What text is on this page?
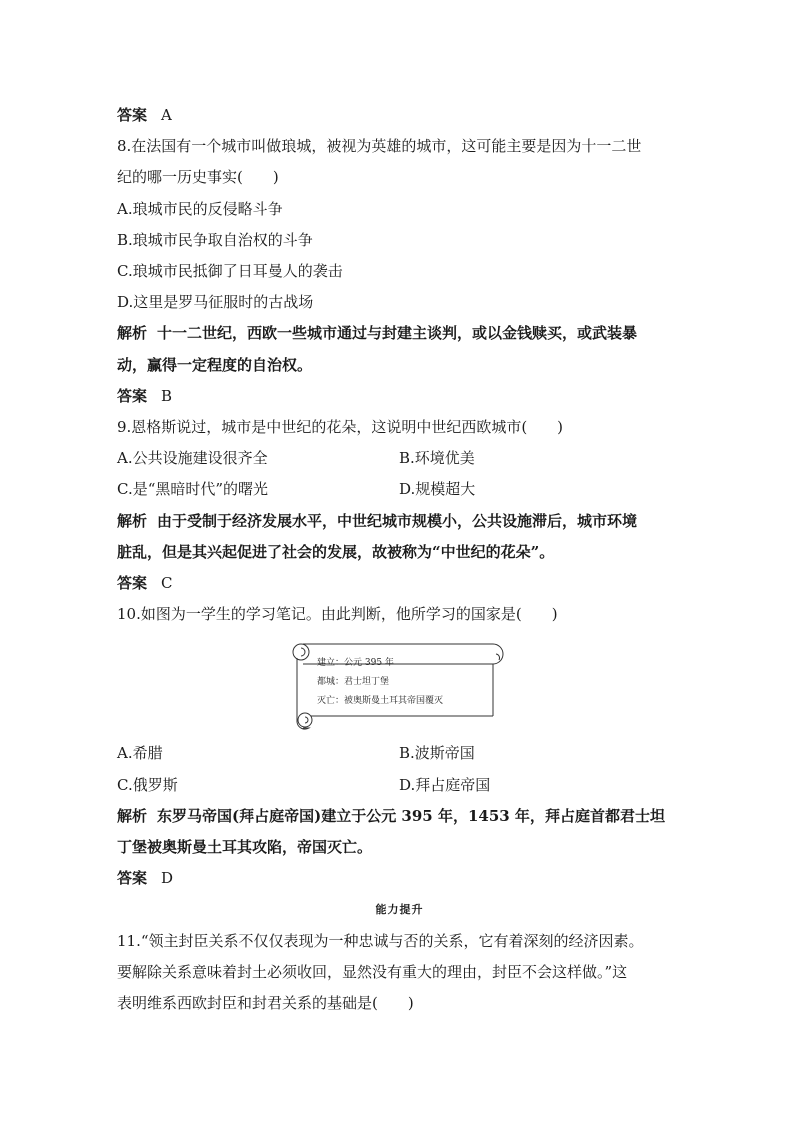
答案 A
8.在法国有一个城市叫做琅城，被视为英雄的城市，这可能主要是因为十一二世
纪的哪一历史事实(　　)
A.琅城市民的反侵略斗争
B.琅城市民争取自治权的斗争
C.琅城市民抵御了日耳曼人的袭击
D.这里是罗马征服时的古战场
解析 十一二世纪，西欧一些城市通过与封建主谈判，或以金钱赎买，或武装暴
动，赢得一定程度的自治权。
答案 B
9.恩格斯说过，城市是中世纪的花朵，这说明中世纪西欧城市(　　)
A.公共设施建设很齐全	B.环境优美
C.是“黑暗时代”的曙光	D.规模超大
解析 由于受制于经济发展水平，中世纪城市规模小，公共设施滞后，城市环境
脏乱，但是其兴起促进了社会的发展，故被称为“中世纪的花朵”。
答案 C
10.如图为一学生的学习笔记。由此判断，他所学习的国家是(　　)
建立：公元 395 年
都城：君士坦丁堡
灭亡：被奥斯曼土耳其帝国覆灭
A.希腊	B.波斯帝国
C.俄罗斯	D.拜占庭帝国
解析 东罗马帝国(拜占庭帝国)建立于公元 395 年，1453 年，拜占庭首都君士坦
丁堡被奥斯曼土耳其攻陷，帝国灭亡。
答案 D
能力提升
11.“领主封臣关系不仅仅表现为一种忠诚与否的关系，它有着深刻的经济因素。
要解除关系意味着封土必须收回，显然没有重大的理由，封臣不会这样做。”这
表明维系西欧封臣和封君关系的基础是(　　)
